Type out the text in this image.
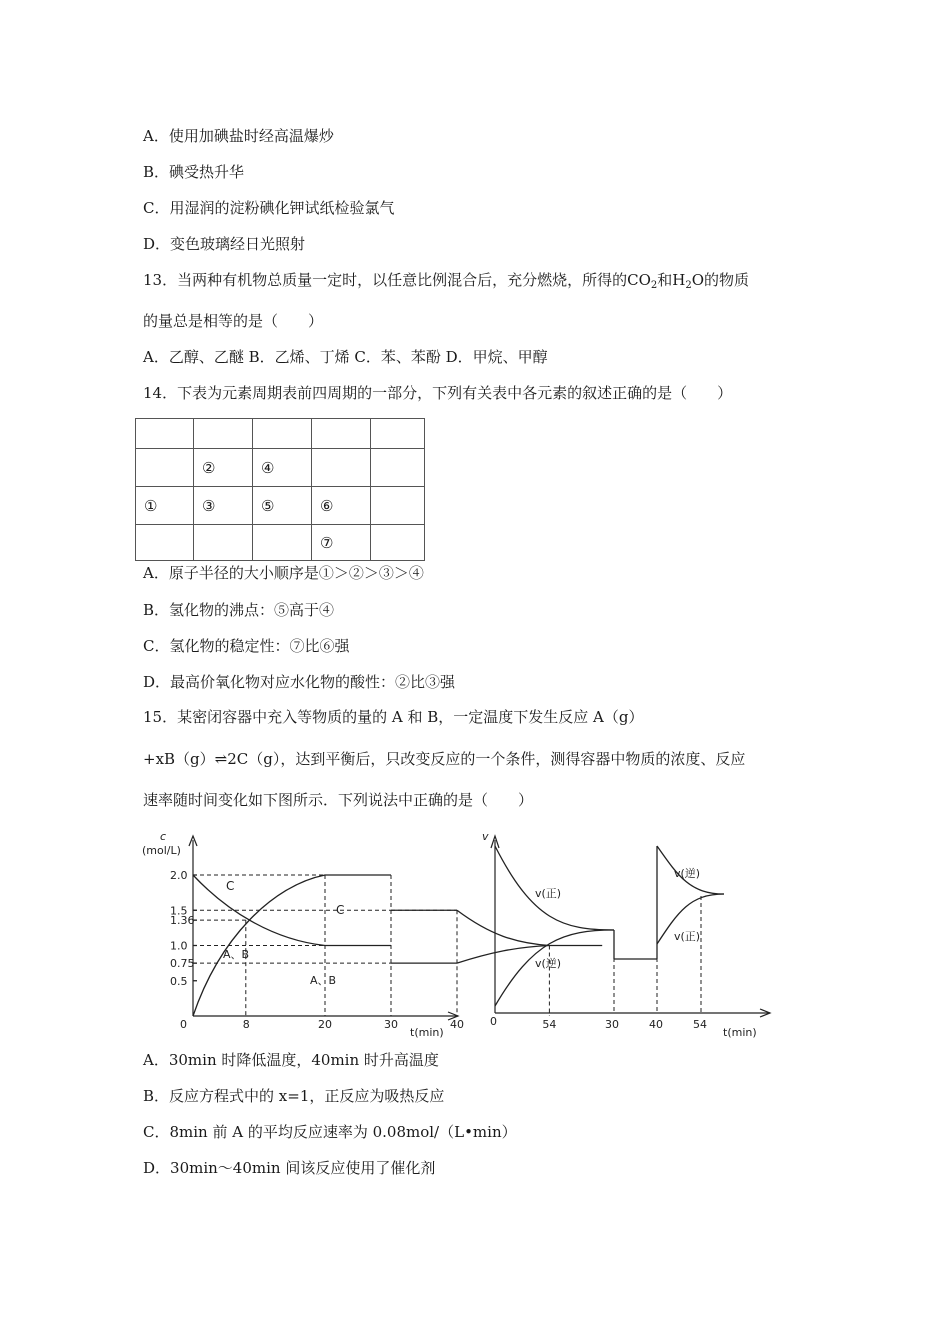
A．使用加碘盐时经高温爆炒
B．碘受热升华
C．用湿润的淀粉碘化钾试纸检验氯气
D．变色玻璃经日光照射
13．当两种有机物总质量一定时，以任意比例混合后，充分燃烧，所得的$CO_2$和$H_2O$的物质
的量总是相等的是（　　）
A．乙醇、乙醚 B．乙烯、丁烯 C．苯、苯酚 D．甲烷、甲醇
14．下表为元素周期表前四周期的一部分，下列有关表中各元素的叙述正确的是（　　）

	②	④		
①	③	⑤	⑥	
			⑦	
A．原子半径的大小顺序是①＞②＞③＞④
B．氢化物的沸点：⑤高于④
C．氢化物的稳定性：⑦比⑥强
D．最高价氧化物对应水化物的酸性：②比③强
15．某密闭容器中充入等物质的量的 A 和 B，一定温度下发生反应 A（g）
+xB（g）⇌2C（g），达到平衡后，只改变反应的一个条件，测得容器中物质的浓度、反应
速率随时间变化如下图所示．下列说法中正确的是（　　）
2.0
1.5
1.36
1.0
0.75
0.5
8	20	30	40	54
c
(mol/L)
t(min)
0
C
C
A、B
A、B
v
t(min)
0	30	40	54
v(正)
v(逆)
v(逆)
v(正)
A．30min 时降低温度，40min 时升高温度
B．反应方程式中的 x=1，正反应为吸热反应
C．8min 前 A 的平均反应速率为 0.08mol/（L•min）
D．30min～40min 间该反应使用了催化剂
